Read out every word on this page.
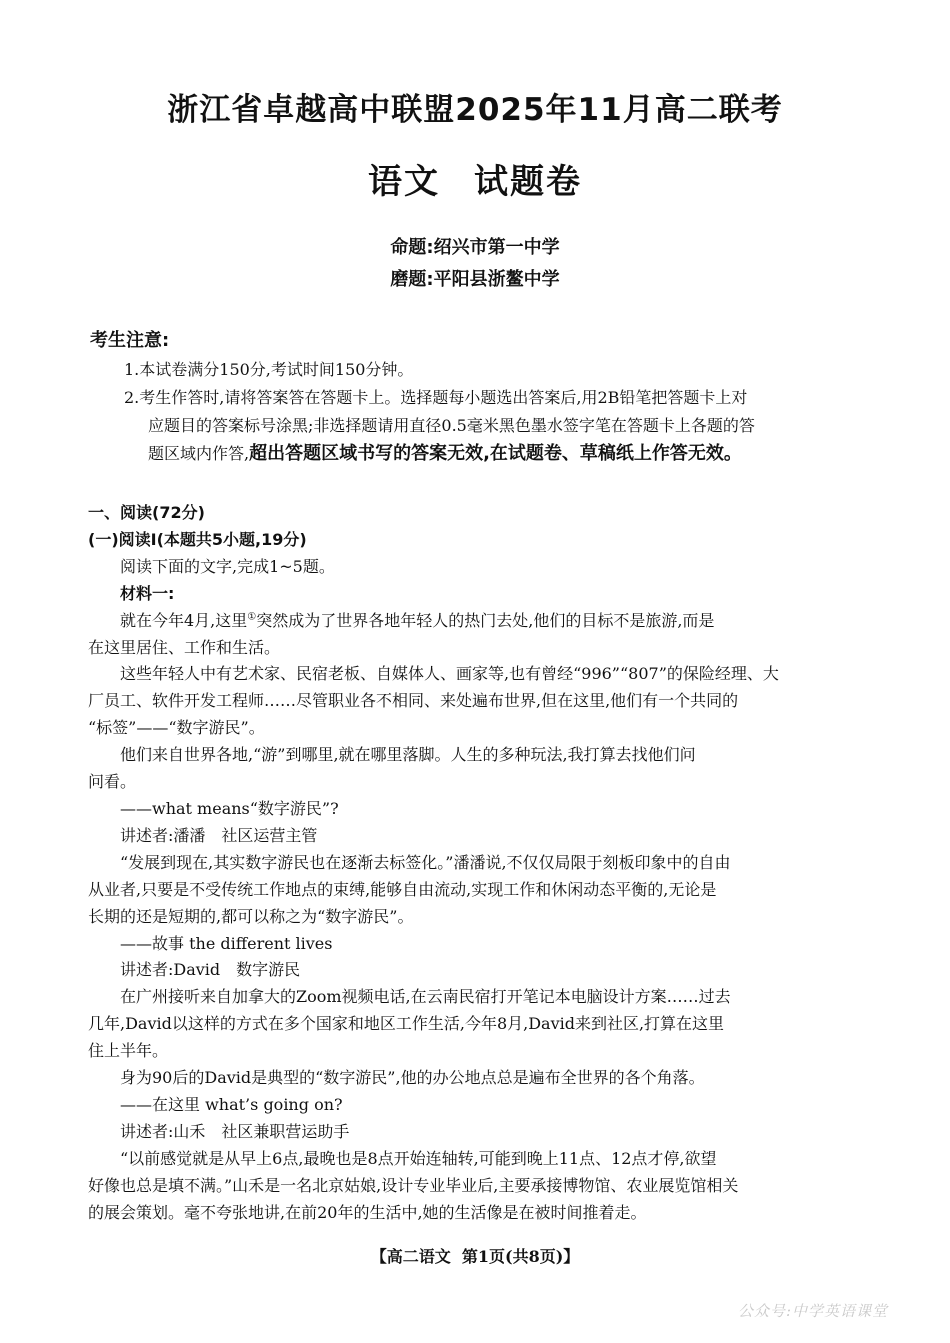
浙江省卓越高中联盟2025年11月高二联考
语文 试题卷
命题:绍兴市第一中学
磨题:平阳县浙鳌中学
考生注意:
1.本试卷满分150分,考试时间150分钟。
2.考生作答时,请将答案答在答题卡上。选择题每小题选出答案后,用2B铅笔把答题卡上对
应题目的答案标号涂黑;非选择题请用直径0.5毫米黑色墨水签字笔在答题卡上各题的答
题区域内作答,超出答题区域书写的答案无效,在试题卷、草稿纸上作答无效。
一、阅读(72分)
(一)阅读Ⅰ(本题共5小题,19分)
阅读下面的文字,完成1~5题。
材料一:
就在今年4月,这里①突然成为了世界各地年轻人的热门去处,他们的目标不是旅游,而是
在这里居住、工作和生活。
这些年轻人中有艺术家、民宿老板、自媒体人、画家等,也有曾经“996”“807”的保险经理、大
厂员工、软件开发工程师……尽管职业各不相同、来处遍布世界,但在这里,他们有一个共同的
“标签”——“数字游民”。
他们来自世界各地,“游”到哪里,就在哪里落脚。人生的多种玩法,我打算去找他们问
问看。
——what means“数字游民”?
讲述者:潘潘　社区运营主管
“发展到现在,其实数字游民也在逐渐去标签化。”潘潘说,不仅仅局限于刻板印象中的自由
从业者,只要是不受传统工作地点的束缚,能够自由流动,实现工作和休闲动态平衡的,无论是
长期的还是短期的,都可以称之为“数字游民”。
——故事 the different lives
讲述者:David　数字游民
在广州接听来自加拿大的Zoom视频电话,在云南民宿打开笔记本电脑设计方案……过去
几年,David以这样的方式在多个国家和地区工作生活,今年8月,David来到社区,打算在这里
住上半年。
身为90后的David是典型的“数字游民”,他的办公地点总是遍布全世界的各个角落。
——在这里 what’s going on?
讲述者:山禾　社区兼职营运助手
“以前感觉就是从早上6点,最晚也是8点开始连轴转,可能到晚上11点、12点才停,欲望
好像也总是填不满。”山禾是一名北京姑娘,设计专业毕业后,主要承接博物馆、农业展览馆相关
的展会策划。毫不夸张地讲,在前20年的生活中,她的生活像是在被时间推着走。
【高二语文 第1页(共8页)】
公众号:中学英语课堂
